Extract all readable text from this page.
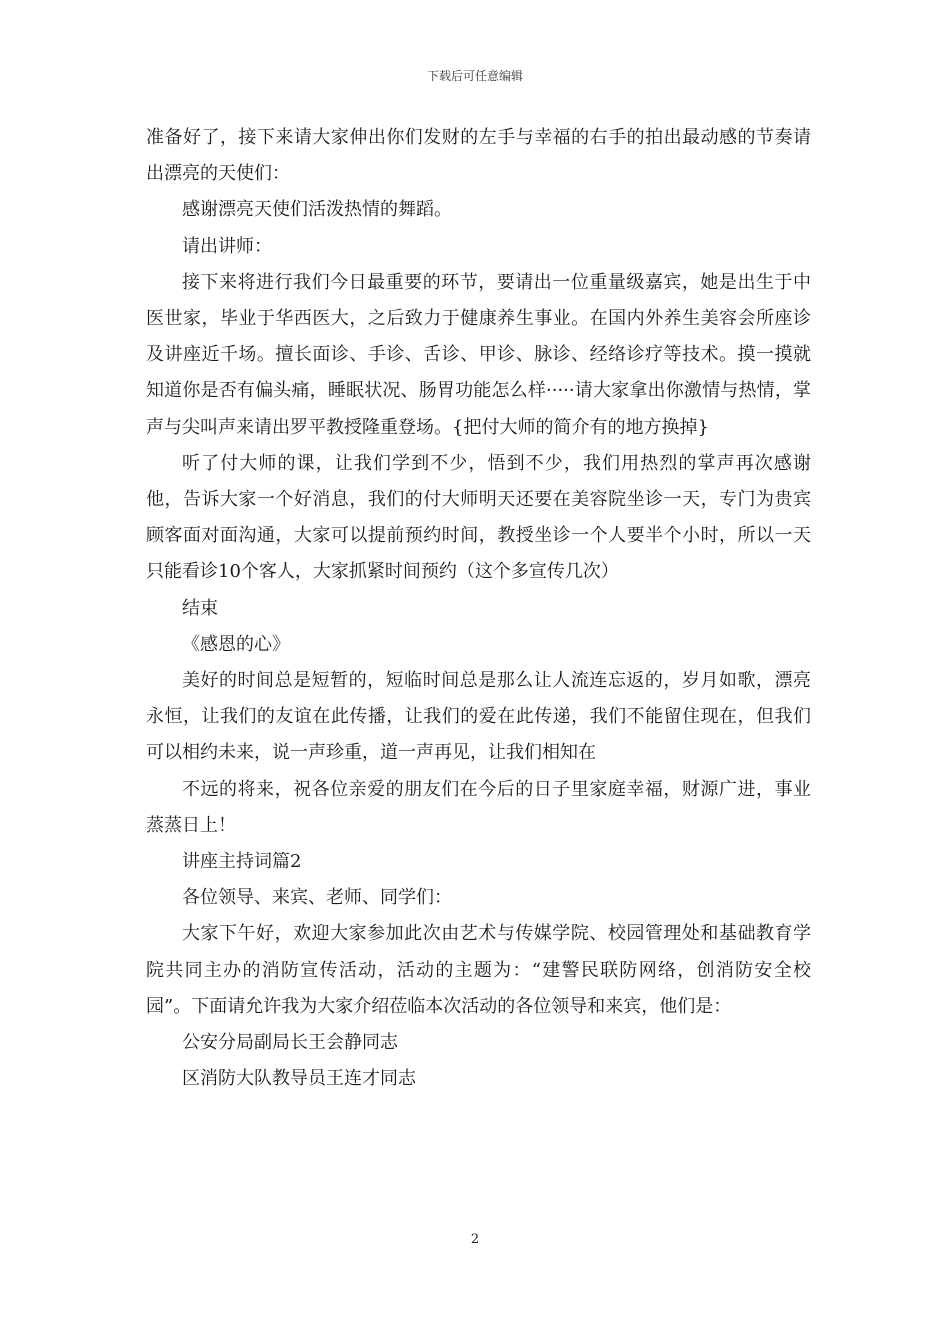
下载后可任意编辑

准备好了，接下来请大家伸出你们发财的左手与幸福的右手的拍出最动感的节奏请出漂亮的天使们：

感谢漂亮天使们活泼热情的舞蹈。

请出讲师：

接下来将进行我们今日最重要的环节，要请出一位重量级嘉宾，她是出生于中医世家，毕业于华西医大，之后致力于健康养生事业。在国内外养生美容会所座诊及讲座近千场。擅长面诊、手诊、舌诊、甲诊、脉诊、经络诊疗等技术。摸一摸就知道你是否有偏头痛，睡眠状况、肠胃功能怎么样·····请大家拿出你激情与热情，掌声与尖叫声来请出罗平教授隆重登场。{把付大师的简介有的地方换掉}

听了付大师的课，让我们学到不少，悟到不少，我们用热烈的掌声再次感谢他，告诉大家一个好消息，我们的付大师明天还要在美容院坐诊一天，专门为贵宾顾客面对面沟通，大家可以提前预约时间，教授坐诊一个人要半个小时，所以一天只能看诊10个客人，大家抓紧时间预约（这个多宣传几次）

结束

《感恩的心》

美好的时间总是短暂的，短临时间总是那么让人流连忘返的，岁月如歌，漂亮永恒，让我们的友谊在此传播，让我们的爱在此传递，我们不能留住现在，但我们可以相约未来，说一声珍重，道一声再见，让我们相知在

不远的将来，祝各位亲爱的朋友们在今后的日子里家庭幸福，财源广进，事业蒸蒸日上！

讲座主持词篇2

各位领导、来宾、老师、同学们：

大家下午好，欢迎大家参加此次由艺术与传媒学院、校园管理处和基础教育学院共同主办的消防宣传活动，活动的主题为：“建警民联防网络，创消防安全校园”。下面请允许我为大家介绍莅临本次活动的各位领导和来宾，他们是：

公安分局副局长王会静同志

区消防大队教导员王连才同志

2
